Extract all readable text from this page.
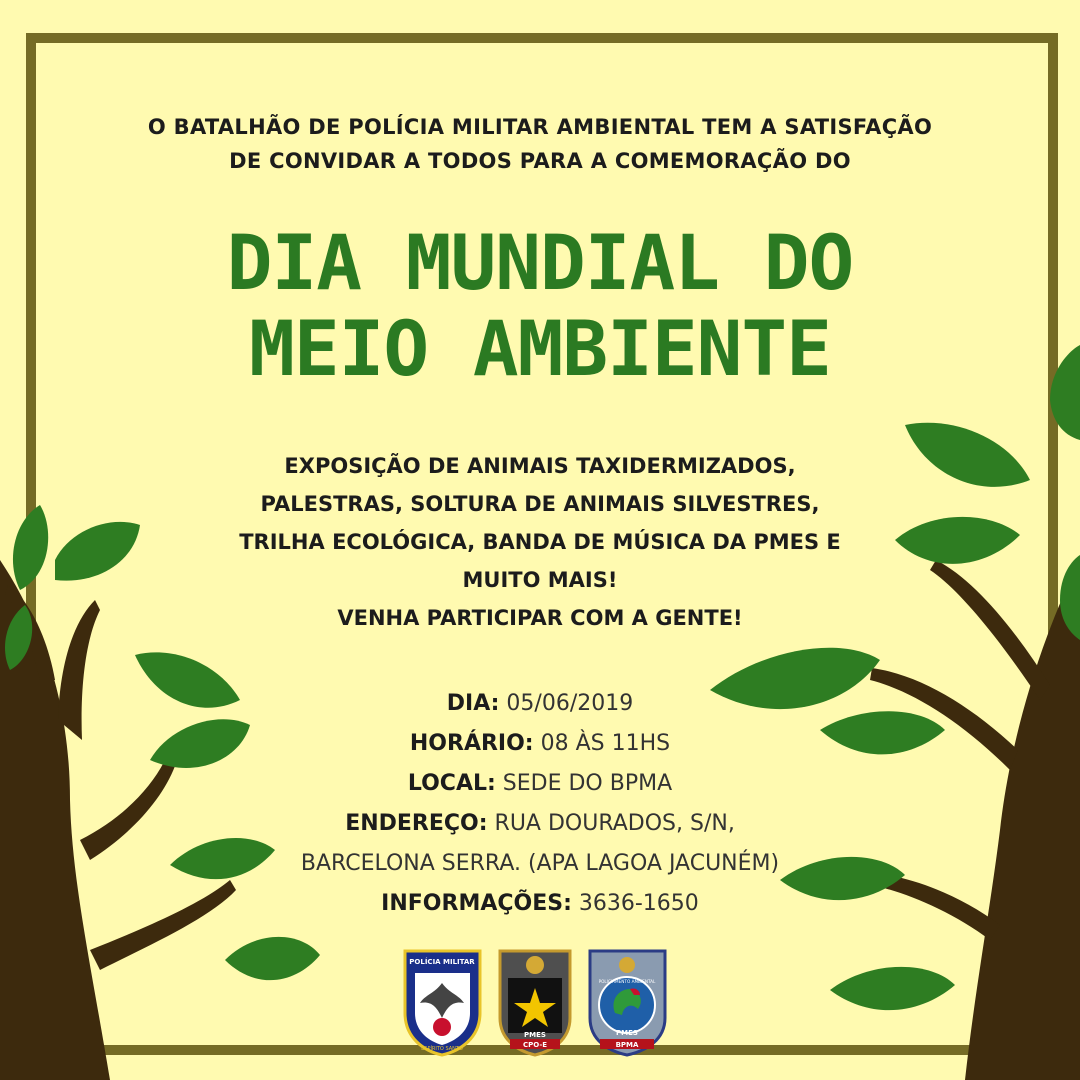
O BATALHÃO DE POLÍCIA MILITAR AMBIENTAL TEM A SATISFAÇÃO
DE CONVIDAR A TODOS PARA A COMEMORAÇÃO DO
DIA MUNDIAL DO
MEIO AMBIENTE
EXPOSIÇÃO DE ANIMAIS TAXIDERMIZADOS,
PALESTRAS, SOLTURA DE ANIMAIS SILVESTRES,
TRILHA ECOLÓGICA, BANDA DE MÚSICA DA PMES E
MUITO MAIS!
VENHA PARTICIPAR COM A GENTE!
DIA: 05/06/2019
HORÁRIO: 08 ÀS 11HS
LOCAL: SEDE DO BPMA
ENDEREÇO: RUA DOURADOS, S/N,
BARCELONA SERRA. (APA LAGOA JACUNÉM)
INFORMAÇÕES: 3636-1650
POLÍCIA MILITAR
ESPÍRITO SANTO
PMES
CPO-E
POLICIAMENTO AMBIENTAL
PMES
BPMA
